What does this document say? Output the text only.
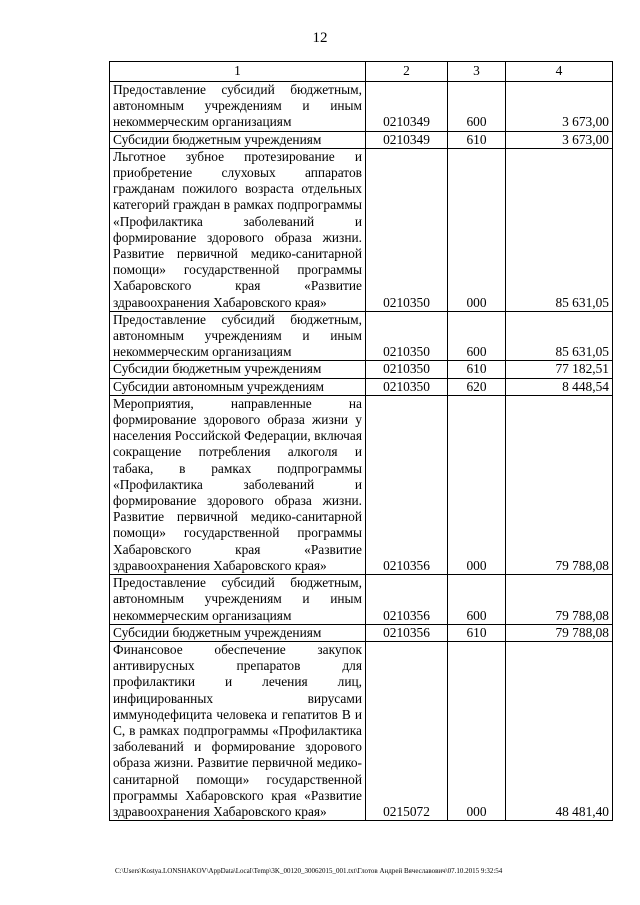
12
1	2	3	4
Предоставление субсидий бюджетным, автономным учреждениям и иным некоммерческим организациям	0210349	600	3 673,00
Субсидии бюджетным учреждениям	0210349	610	3 673,00
Льготное зубное протезирование и приобретение слуховых аппаратов гражданам пожилого возраста отдельных категорий граждан в рамках подпрограммы «Профилактика заболеваний и формирование здорового образа жизни. Развитие первичной медико-санитарной помощи» государственной программы Хабаровского края «Развитие здравоохранения Хабаровского края»	0210350	000	85 631,05
Предоставление субсидий бюджетным, автономным учреждениям и иным некоммерческим организациям	0210350	600	85 631,05
Субсидии бюджетным учреждениям	0210350	610	77 182,51
Субсидии автономным учреждениям	0210350	620	8 448,54
Мероприятия, направленные на формирование здорового образа жизни у населения Российской Федерации, включая сокращение потребления алкоголя и табака, в рамках подпрограммы «Профилактика заболеваний и формирование здорового образа жизни. Развитие первичной медико-санитарной помощи» государственной программы Хабаровского края «Развитие здравоохранения Хабаровского края»	0210356	000	79 788,08
Предоставление субсидий бюджетным, автономным учреждениям и иным некоммерческим организациям	0210356	600	79 788,08
Субсидии бюджетным учреждениям	0210356	610	79 788,08
Финансовое обеспечение закупок антивирусных препаратов для профилактики и лечения лиц, инфицированных вирусами иммунодефицита человека и гепатитов B и C, в рамках подпрограммы «Профилактика заболеваний и формирование здорового образа жизни. Развитие первичной медико-санитарной помощи» государственной программы Хабаровского края «Развитие здравоохранения Хабаровского края»	0215072	000	48 481,40
C:\Users\Kostya.LONSHAKOV\AppData\Local\Temp\3K_00120_30062015_001.txt\Глотов Андрей Вячеславович\07.10.2015 9:32:54
